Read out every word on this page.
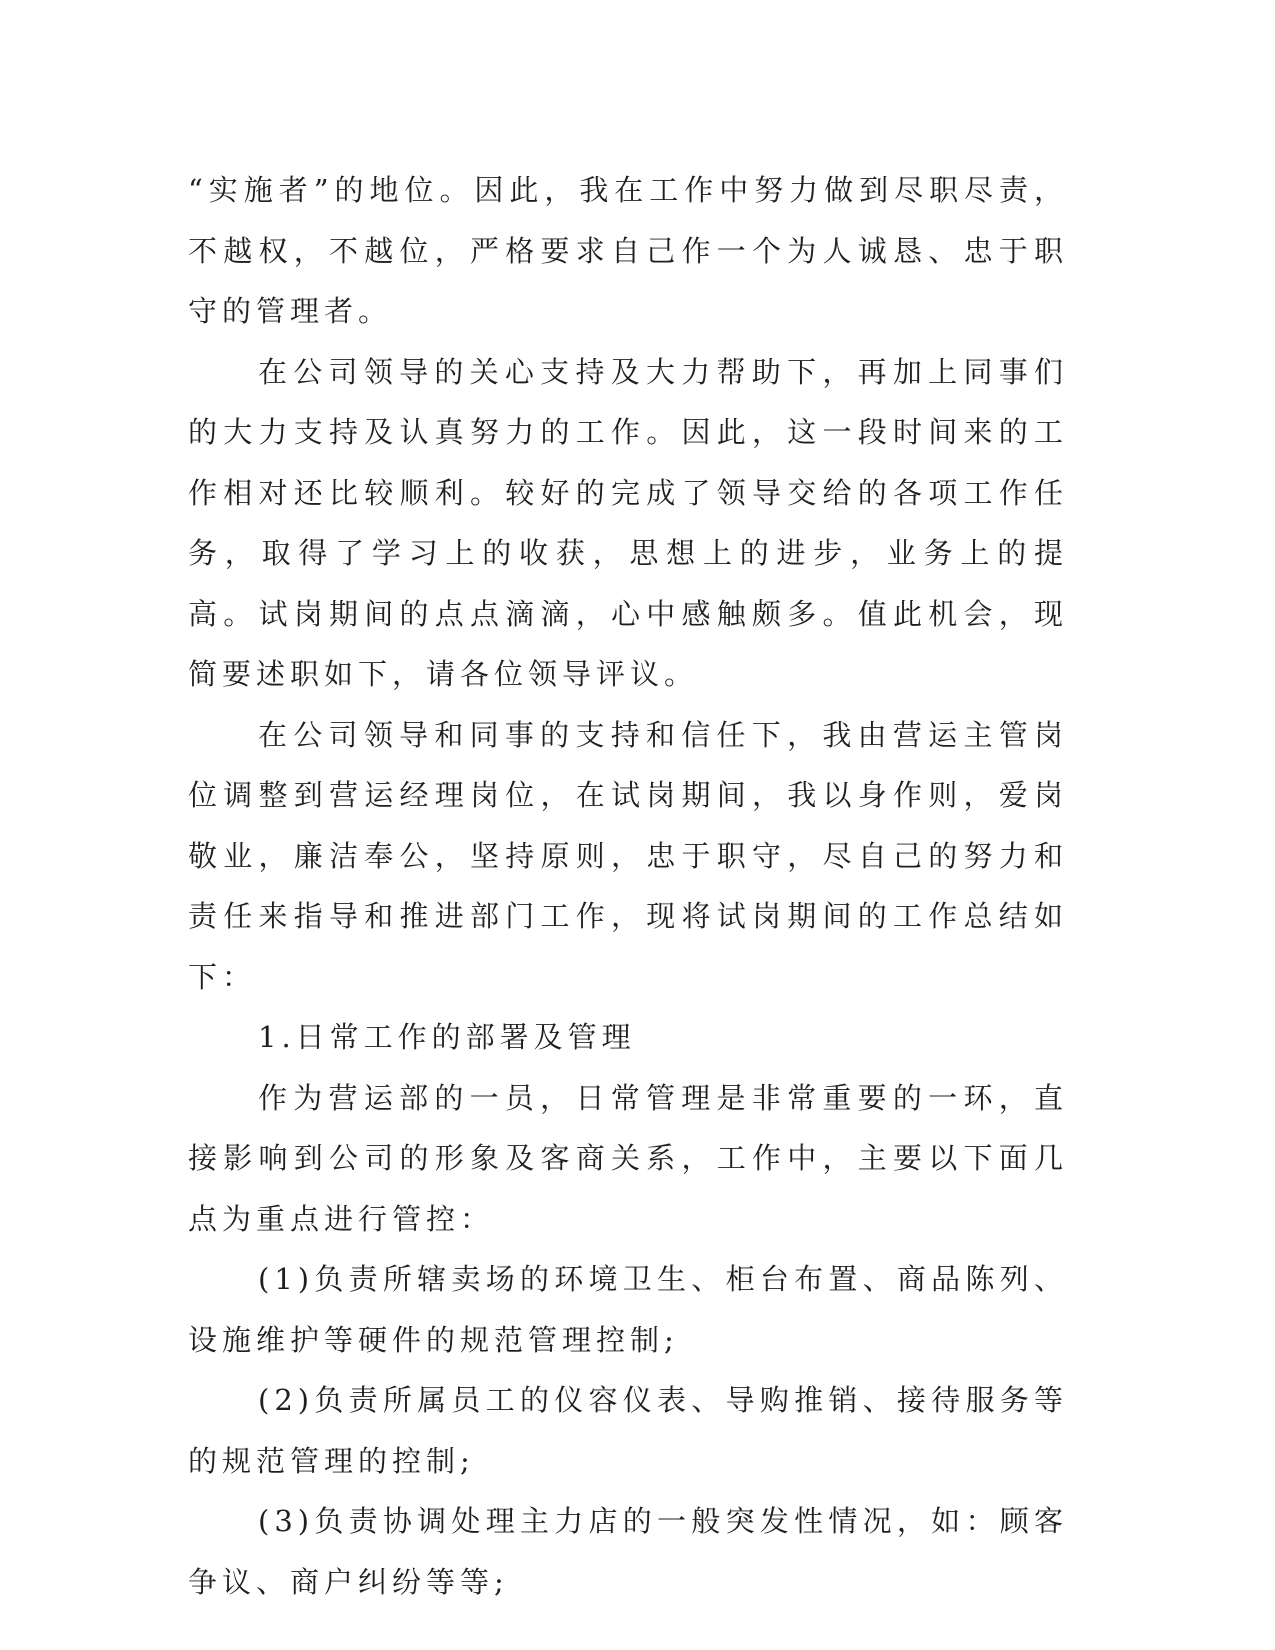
“实施者”的地位。因此，我在工作中努力做到尽职尽责，不越权，不越位，严格要求自己作一个为人诚恳、忠于职守的管理者。

在公司领导的关心支持及大力帮助下，再加上同事们的大力支持及认真努力的工作。因此，这一段时间来的工作相对还比较顺利。较好的完成了领导交给的各项工作任务，取得了学习上的收获，思想上的进步，业务上的提高。试岗期间的点点滴滴，心中感触颇多。值此机会，现简要述职如下，请各位领导评议。

在公司领导和同事的支持和信任下，我由营运主管岗位调整到营运经理岗位，在试岗期间，我以身作则，爱岗敬业，廉洁奉公，坚持原则，忠于职守，尽自己的努力和责任来指导和推进部门工作，现将试岗期间的工作总结如下：

1.日常工作的部署及管理

作为营运部的一员，日常管理是非常重要的一环，直接影响到公司的形象及客商关系，工作中，主要以下面几点为重点进行管控：

(1)负责所辖卖场的环境卫生、柜台布置、商品陈列、设施维护等硬件的规范管理控制;

(2)负责所属员工的仪容仪表、导购推销、接待服务等的规范管理的控制;

(3)负责协调处理主力店的一般突发性情况，如：顾客争议、商户纠纷等等;
